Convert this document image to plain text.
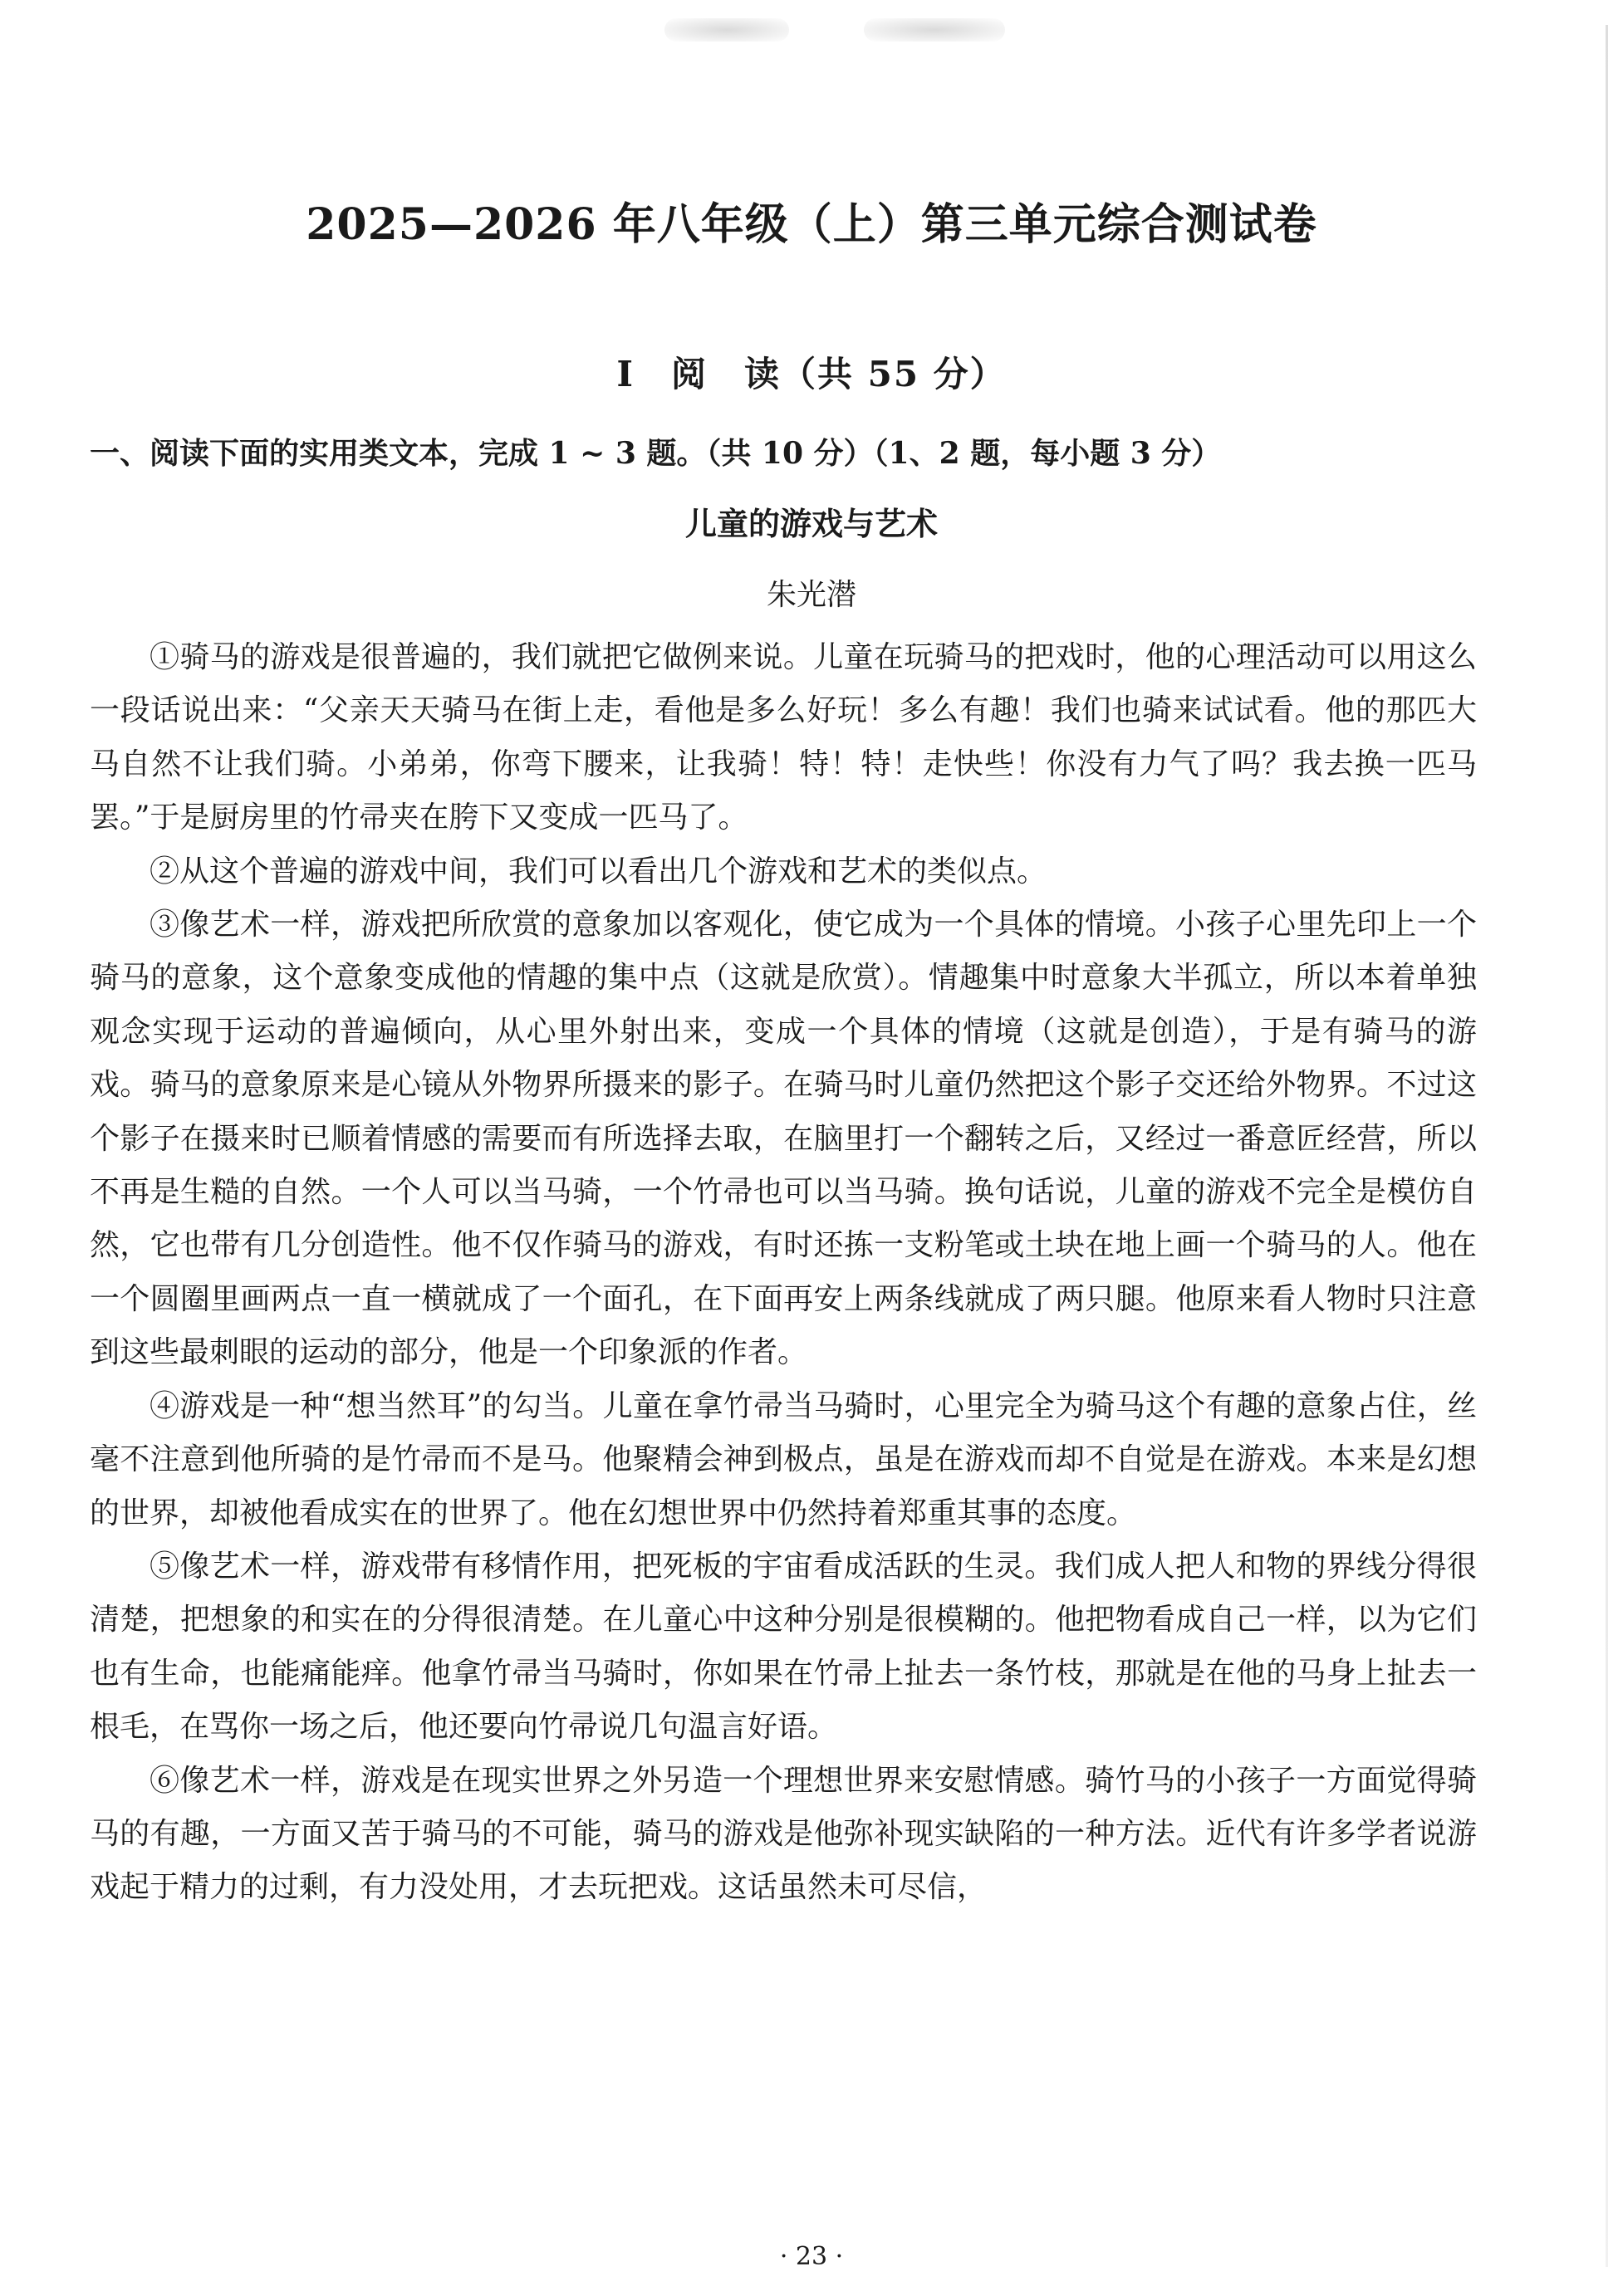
2025—2026 年八年级（上）第三单元综合测试卷
Ⅰ　阅　读（共 55 分）
一、阅读下面的实用类文本，完成 1 ~ 3 题。（共 10 分）（1、2 题，每小题 3 分）
儿童的游戏与艺术
朱光潜

①骑马的游戏是很普遍的，我们就把它做例来说。儿童在玩骑马的把戏时，他的心理活动可以用这么一段话说出来：“父亲天天骑马在街上走，看他是多么好玩！多么有趣！我们也骑来试试看。他的那匹大马自然不让我们骑。小弟弟，你弯下腰来，让我骑！特！特！走快些！你没有力气了吗？我去换一匹马罢。”于是厨房里的竹帚夹在胯下又变成一匹马了。

②从这个普遍的游戏中间，我们可以看出几个游戏和艺术的类似点。

③像艺术一样，游戏把所欣赏的意象加以客观化，使它成为一个具体的情境。小孩子心里先印上一个骑马的意象，这个意象变成他的情趣的集中点（这就是欣赏）。情趣集中时意象大半孤立，所以本着单独观念实现于运动的普遍倾向，从心里外射出来，变成一个具体的情境（这就是创造），于是有骑马的游戏。骑马的意象原来是心镜从外物界所摄来的影子。在骑马时儿童仍然把这个影子交还给外物界。不过这个影子在摄来时已顺着情感的需要而有所选择去取，在脑里打一个翻转之后，又经过一番意匠经营，所以不再是生糙的自然。一个人可以当马骑，一个竹帚也可以当马骑。换句话说，儿童的游戏不完全是模仿自然，它也带有几分创造性。他不仅作骑马的游戏，有时还拣一支粉笔或土块在地上画一个骑马的人。他在一个圆圈里画两点一直一横就成了一个面孔，在下面再安上两条线就成了两只腿。他原来看人物时只注意到这些最刺眼的运动的部分，他是一个印象派的作者。

④游戏是一种“想当然耳”的勾当。儿童在拿竹帚当马骑时，心里完全为骑马这个有趣的意象占住，丝毫不注意到他所骑的是竹帚而不是马。他聚精会神到极点，虽是在游戏而却不自觉是在游戏。本来是幻想的世界，却被他看成实在的世界了。他在幻想世界中仍然持着郑重其事的态度。

⑤像艺术一样，游戏带有移情作用，把死板的宇宙看成活跃的生灵。我们成人把人和物的界线分得很清楚，把想象的和实在的分得很清楚。在儿童心中这种分别是很模糊的。他把物看成自己一样，以为它们也有生命，也能痛能痒。他拿竹帚当马骑时，你如果在竹帚上扯去一条竹枝，那就是在他的马身上扯去一根毛，在骂你一场之后，他还要向竹帚说几句温言好语。

⑥像艺术一样，游戏是在现实世界之外另造一个理想世界来安慰情感。骑竹马的小孩子一方面觉得骑马的有趣，一方面又苦于骑马的不可能，骑马的游戏是他弥补现实缺陷的一种方法。近代有许多学者说游戏起于精力的过剩，有力没处用，才去玩把戏。这话虽然未可尽信，

· 23 ·
